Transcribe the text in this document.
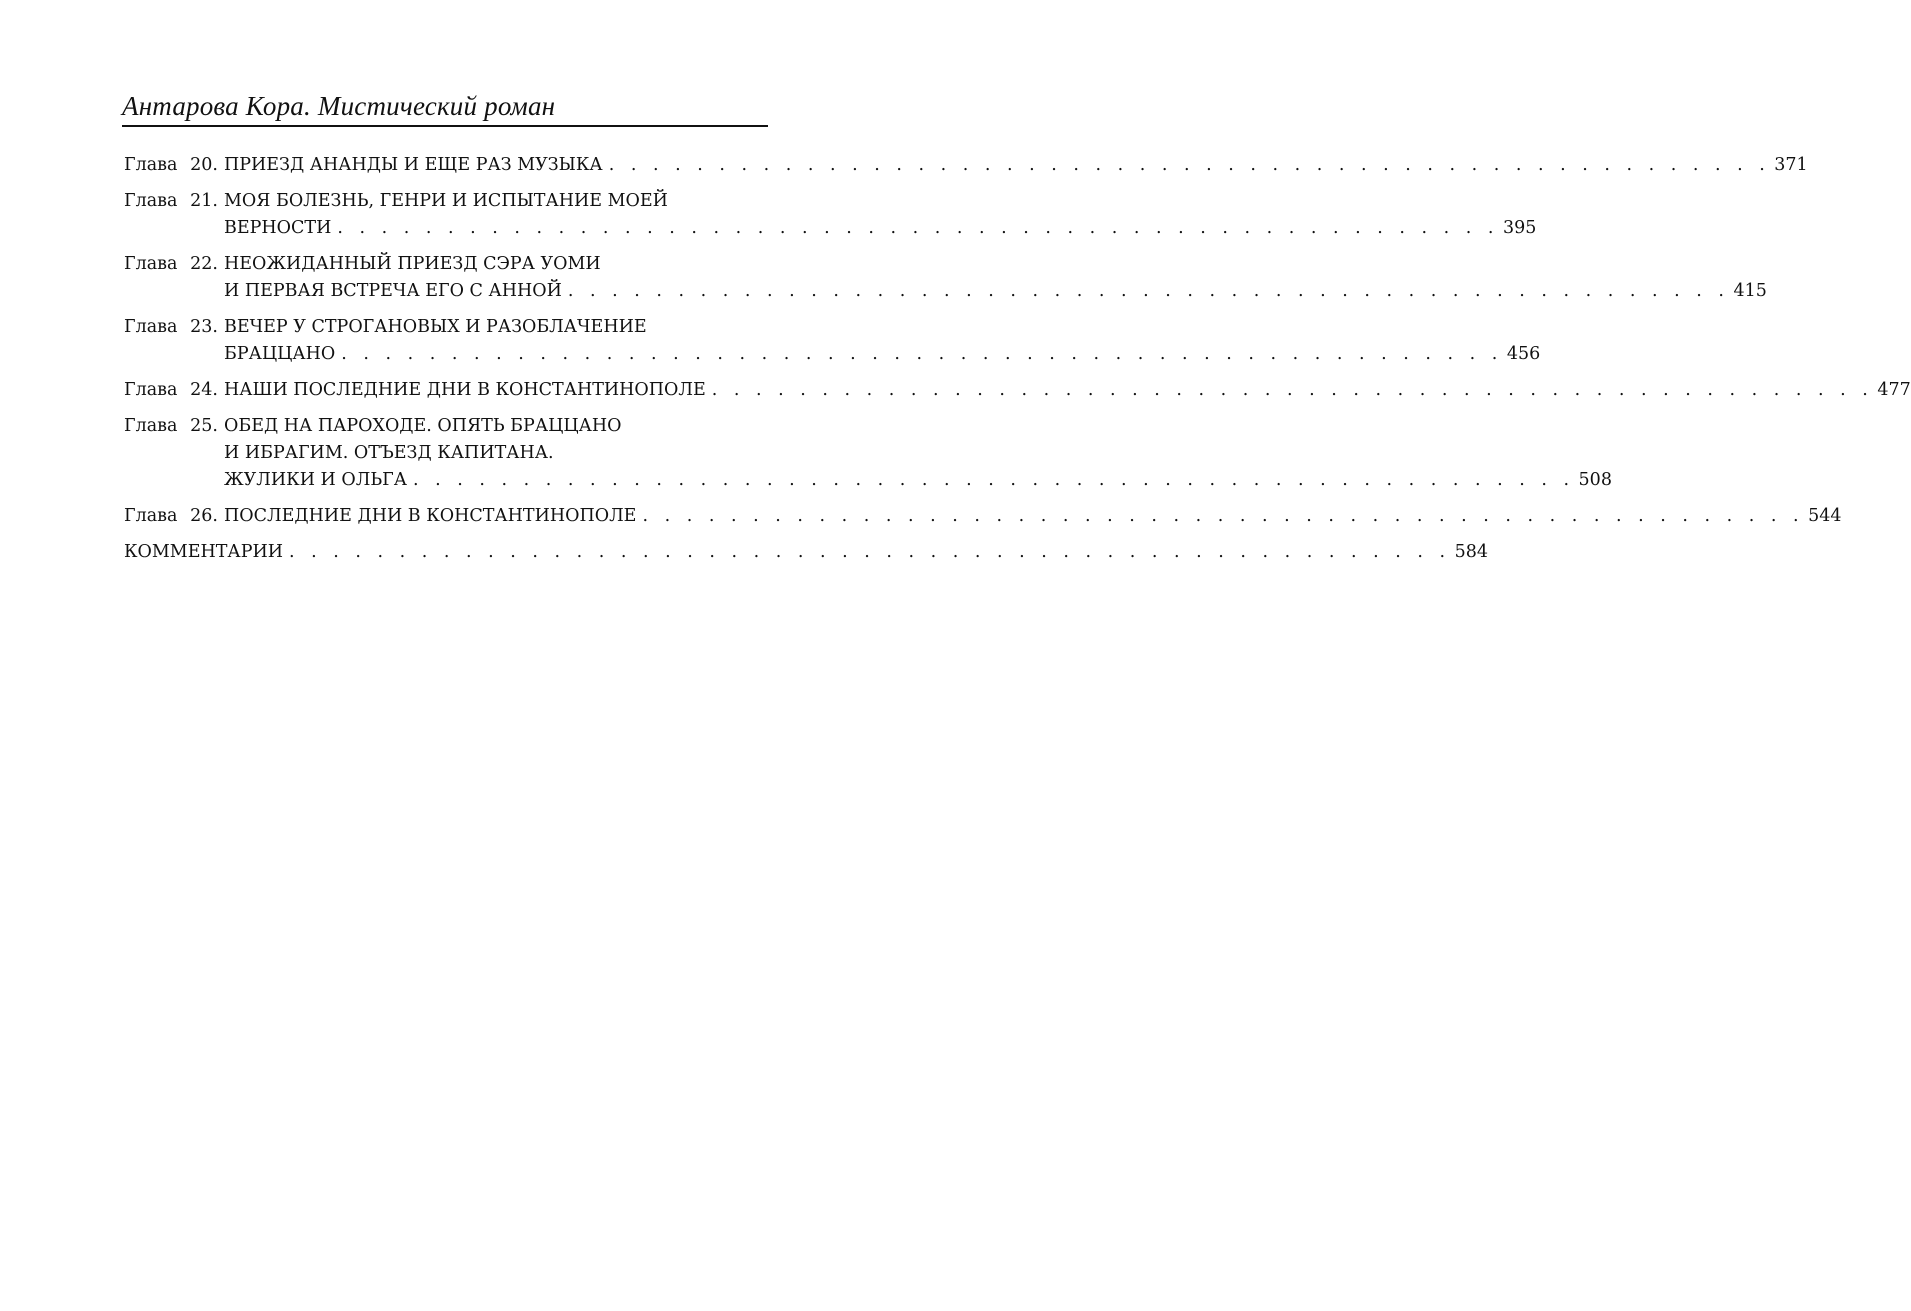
Антарова Кора. Мистический роман
Глава 20. ПРИЕЗД АНАНДЫ И ЕЩЕ РАЗ МУЗЫКА . . . . . . . . . . . . . . . . . . . . . . . . . . . . . . . . . . . . . . . . . . . . . . . . . . . . . 371
Глава 21. МОЯ БОЛЕЗНЬ, ГЕНРИ И ИСПЫТАНИЕ МОЕЙ
ВЕРНОСТИ . . . . . . . . . . . . . . . . . . . . . . . . . . . . . . . . . . . . . . . . . . . . . . . . . . . . . 395
Глава 22. НЕОЖИДАННЫЙ ПРИЕЗД СЭРА УОМИ
И ПЕРВАЯ ВСТРЕЧА ЕГО С АННОЙ . . . . . . . . . . . . . . . . . . . . . . . . . . . . . . . . . . . . . . . . . . . . . . . . . . . . . 415
Глава 23. ВЕЧЕР У СТРОГАНОВЫХ И РАЗОБЛАЧЕНИЕ
БРАЦЦАНО . . . . . . . . . . . . . . . . . . . . . . . . . . . . . . . . . . . . . . . . . . . . . . . . . . . . . 456
Глава 24. НАШИ ПОСЛЕДНИЕ ДНИ В КОНСТАНТИНОПОЛЕ . . . . . . . . . . . . . . . . . . . . . . . . . . . . . . . . . . . . . . . . . . . . . . . . . . . . . 477
Глава 25. ОБЕД НА ПАРОХОДЕ. ОПЯТЬ БРАЦЦАНО
И ИБРАГИМ. ОТЪЕЗД КАПИТАНА.
ЖУЛИКИ И ОЛЬГА . . . . . . . . . . . . . . . . . . . . . . . . . . . . . . . . . . . . . . . . . . . . . . . . . . . . . 508
Глава 26. ПОСЛЕДНИЕ ДНИ В КОНСТАНТИНОПОЛЕ . . . . . . . . . . . . . . . . . . . . . . . . . . . . . . . . . . . . . . . . . . . . . . . . . . . . . 544
КОММЕНТАРИИ . . . . . . . . . . . . . . . . . . . . . . . . . . . . . . . . . . . . . . . . . . . . . . . . . . . . . 584
